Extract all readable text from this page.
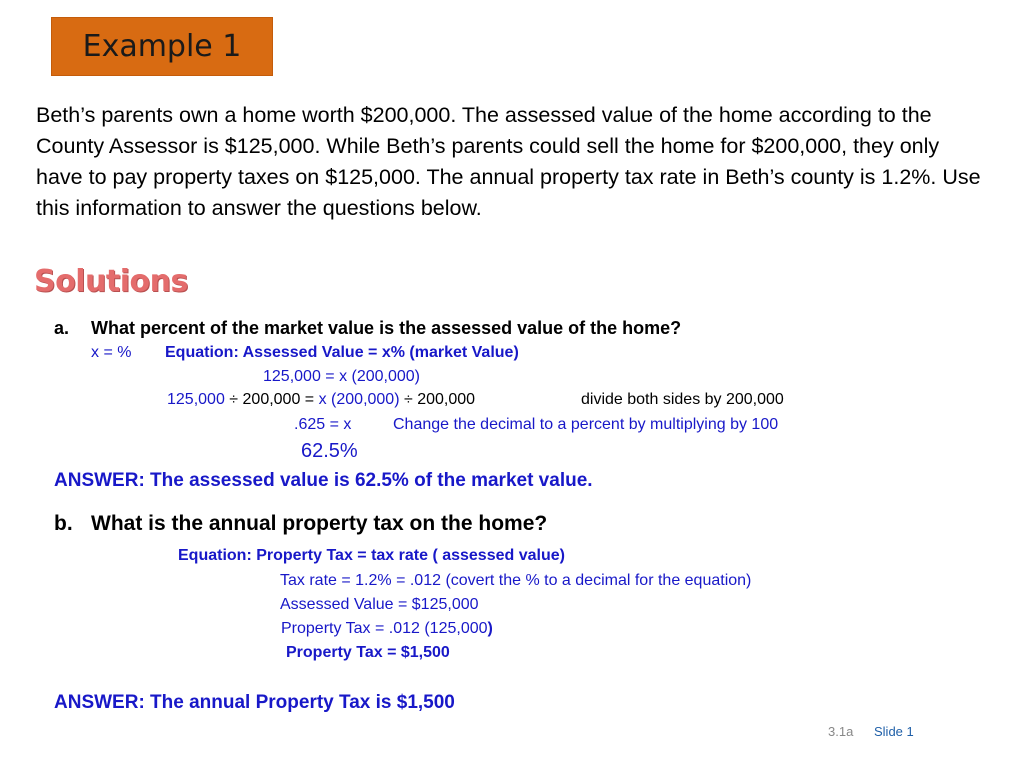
Example 1
Beth’s parents own a home worth $200,000. The assessed value of the home according to the County Assessor is $125,000. While Beth’s parents could sell the home for $200,000, they only have to pay property taxes on $125,000. The annual property tax rate in Beth’s county is 1.2%. Use this information to answer the questions below.
Solutions
a. What percent of the market value is the assessed value of the home?
x = % Equation: Assessed Value = x% (market Value)
125,000 = x (200,000)
125,000 ÷ 200,000 = x (200,000) ÷ 200,000	divide both sides by 200,000
.625 = x	Change the decimal to a percent by multiplying by 100
62.5%
ANSWER: The assessed value is 62.5% of the market value.
b. What is the annual property tax on the home?
Equation: Property Tax = tax rate ( assessed value)
Tax rate = 1.2% = .012 (covert the % to a decimal for the equation)
Assessed Value = $125,000
Property Tax = .012 (125,000)
Property Tax = $1,500
ANSWER: The annual Property Tax is $1,500
3.1a Slide 1
